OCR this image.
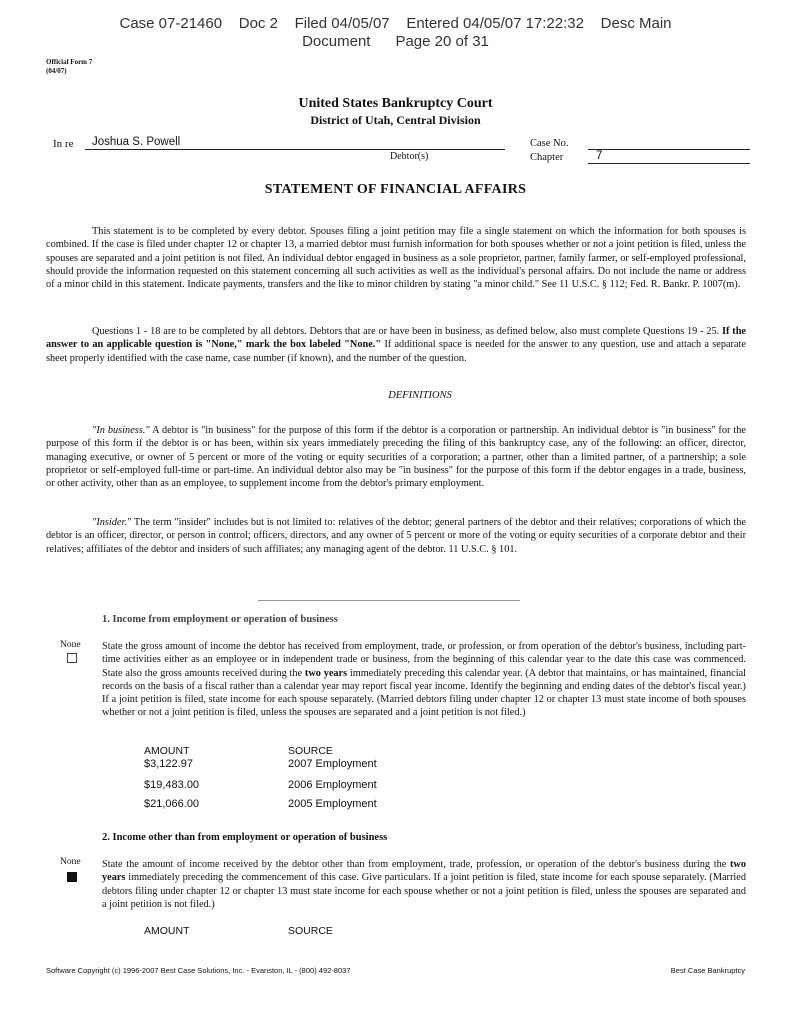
Case 07-21460    Doc 2    Filed 04/05/07    Entered 04/05/07 17:22:32    Desc Main
Document      Page 20 of 31
Official Form 7
(04/07)
United States Bankruptcy Court
District of Utah, Central Division
In re Joshua S. Powell
Debtor(s)
Case No.
Chapter	7
STATEMENT OF FINANCIAL AFFAIRS
This statement is to be completed by every debtor. Spouses filing a joint petition may file a single statement on which the information for both spouses is combined. If the case is filed under chapter 12 or chapter 13, a married debtor must furnish information for both spouses whether or not a joint petition is filed, unless the spouses are separated and a joint petition is not filed. An individual debtor engaged in business as a sole proprietor, partner, family farmer, or self-employed professional, should provide the information requested on this statement concerning all such activities as well as the individual's personal affairs. Do not include the name or address of a minor child in this statement. Indicate payments, transfers and the like to minor children by stating "a minor child." See 11 U.S.C. § 112; Fed. R. Bankr. P. 1007(m).
Questions 1 - 18 are to be completed by all debtors. Debtors that are or have been in business, as defined below, also must complete Questions 19 - 25. If the answer to an applicable question is "None," mark the box labeled "None." If additional space is needed for the answer to any question, use and attach a separate sheet properly identified with the case name, case number (if known), and the number of the question.
DEFINITIONS
"In business." A debtor is "in business" for the purpose of this form if the debtor is a corporation or partnership. An individual debtor is "in business" for the purpose of this form if the debtor is or has been, within six years immediately preceding the filing of this bankruptcy case, any of the following: an officer, director, managing executive, or owner of 5 percent or more of the voting or equity securities of a corporation; a partner, other than a limited partner, of a partnership; a sole proprietor or self-employed full-time or part-time. An individual debtor also may be "in business" for the purpose of this form if the debtor engages in a trade, business, or other activity, other than as an employee, to supplement income from the debtor's primary employment.
"Insider." The term "insider" includes but is not limited to: relatives of the debtor; general partners of the debtor and their relatives; corporations of which the debtor is an officer, director, or person in control; officers, directors, and any owner of 5 percent or more of the voting or equity securities of a corporate debtor and their relatives; affiliates of the debtor and insiders of such affiliates; any managing agent of the debtor. 11 U.S.C. § 101.
1. Income from employment or operation of business
None State the gross amount of income the debtor has received from employment, trade, or profession, or from operation of the debtor's business, including part-time activities either as an employee or in independent trade or business, from the beginning of this calendar year to the date this case was commenced. State also the gross amounts received during the two years immediately preceding this calendar year. (A debtor that maintains, or has maintained, financial records on the basis of a fiscal rather than a calendar year may report fiscal year income. Identify the beginning and ending dates of the debtor's fiscal year.) If a joint petition is filed, state income for each spouse separately. (Married debtors filing under chapter 12 or chapter 13 must state income of both spouses whether or not a joint petition is filed, unless the spouses are separated and a joint petition is not filed.)
AMOUNT	SOURCE
$3,122.97	2007 Employment
$19,483.00	2006 Employment
$21,066.00	2005 Employment
2. Income other than from employment or operation of business
None State the amount of income received by the debtor other than from employment, trade, profession, or operation of the debtor's business during the two years immediately preceding the commencement of this case. Give particulars. If a joint petition is filed, state income for each spouse separately. (Married debtors filing under chapter 12 or chapter 13 must state income for each spouse whether or not a joint petition is filed, unless the spouses are separated and a joint petition is not filed.)
AMOUNT	SOURCE
Software Copyright (c) 1996-2007 Best Case Solutions, Inc. - Evanston, IL - (800) 492-8037	Best Case Bankruptcy
